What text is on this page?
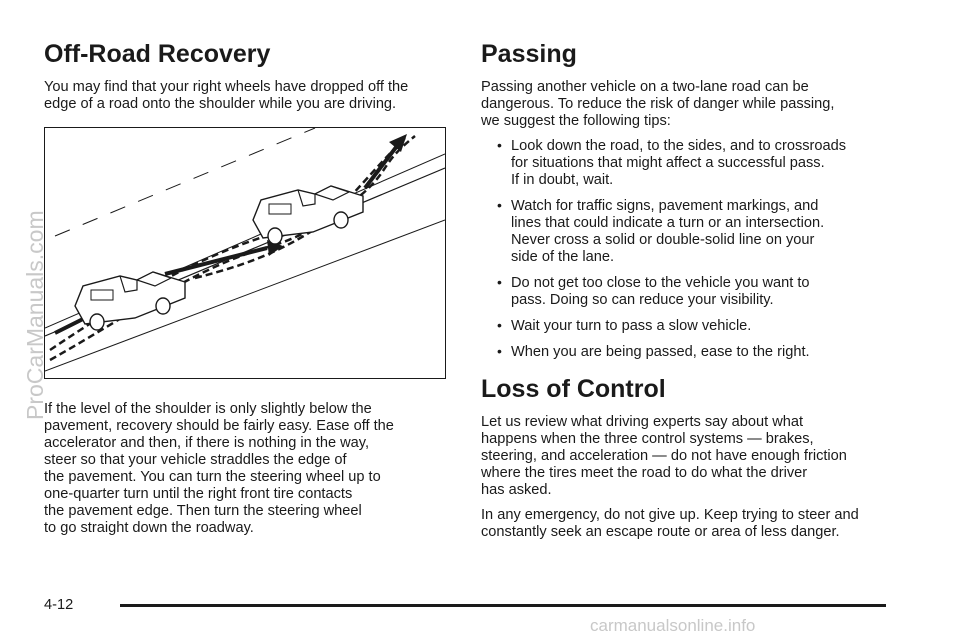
ProCarManuals.com
Off-Road Recovery

You may find that your right wheels have dropped off the
edge of a road onto the shoulder while you are driving.

If the level of the shoulder is only slightly below the
pavement, recovery should be fairly easy. Ease off the
accelerator and then, if there is nothing in the way,
steer so that your vehicle straddles the edge of
the pavement. You can turn the steering wheel up to
one-quarter turn until the right front tire contacts
the pavement edge. Then turn the steering wheel
to go straight down the roadway.

Passing

Passing another vehicle on a two-lane road can be
dangerous. To reduce the risk of danger while passing,
we suggest the following tips:

• Look down the road, to the sides, and to crossroads
for situations that might affect a successful pass.
If in doubt, wait.
• Watch for traffic signs, pavement markings, and
lines that could indicate a turn or an intersection.
Never cross a solid or double-solid line on your
side of the lane.
• Do not get too close to the vehicle you want to
pass. Doing so can reduce your visibility.
• Wait your turn to pass a slow vehicle.
• When you are being passed, ease to the right.
Loss of Control

Let us review what driving experts say about what
happens when the three control systems — brakes,
steering, and acceleration — do not have enough friction
where the tires meet the road to do what the driver
has asked.

In any emergency, do not give up. Keep trying to steer and
constantly seek an escape route or area of less danger.

4-12
carmanualsonline.info
